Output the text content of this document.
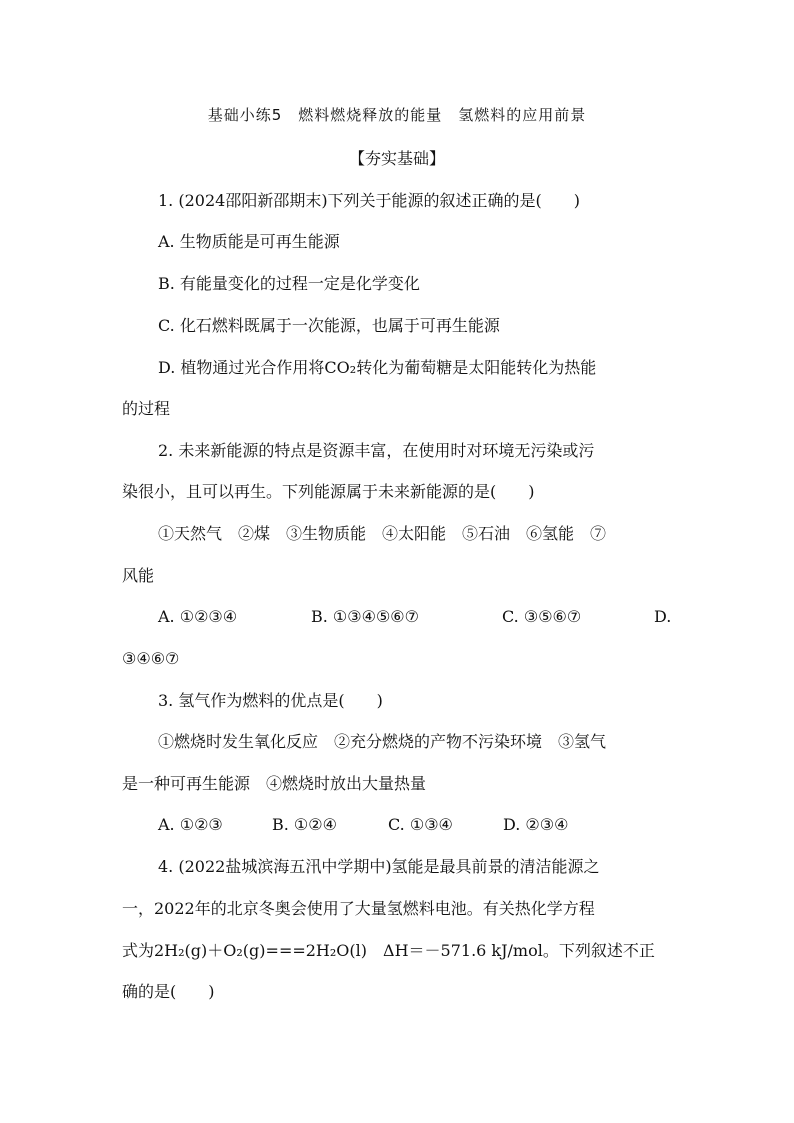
基础小练5　燃料燃烧释放的能量　氢燃料的应用前景
【夯实基础】
1. (2024邵阳新邵期末)下列关于能源的叙述正确的是(　　)
A. 生物质能是可再生能源
B. 有能量变化的过程一定是化学变化
C. 化石燃料既属于一次能源，也属于可再生能源
D. 植物通过光合作用将CO₂转化为葡萄糖是太阳能转化为热能
的过程
2. 未来新能源的特点是资源丰富，在使用时对环境无污染或污
染很小，且可以再生。下列能源属于未来新能源的是(　　)
①天然气　②煤　③生物质能　④太阳能　⑤石油　⑥氢能　⑦
风能
A. ①②③④	B. ①③④⑤⑥⑦	C. ③⑤⑥⑦	D.
③④⑥⑦
3. 氢气作为燃料的优点是(　　)
①燃烧时发生氧化反应　②充分燃烧的产物不污染环境　③氢气
是一种可再生能源　④燃烧时放出大量热量
A. ①②③	B. ①②④	C. ①③④	D. ②③④
4. (2022盐城滨海五汛中学期中)氢能是最具前景的清洁能源之
一，2022年的北京冬奥会使用了大量氢燃料电池。有关热化学方程
式为2H₂(g)＋O₂(g)===2H₂O(l)　ΔH＝－571.6 kJ/mol。下列叙述不正
确的是(　　)
